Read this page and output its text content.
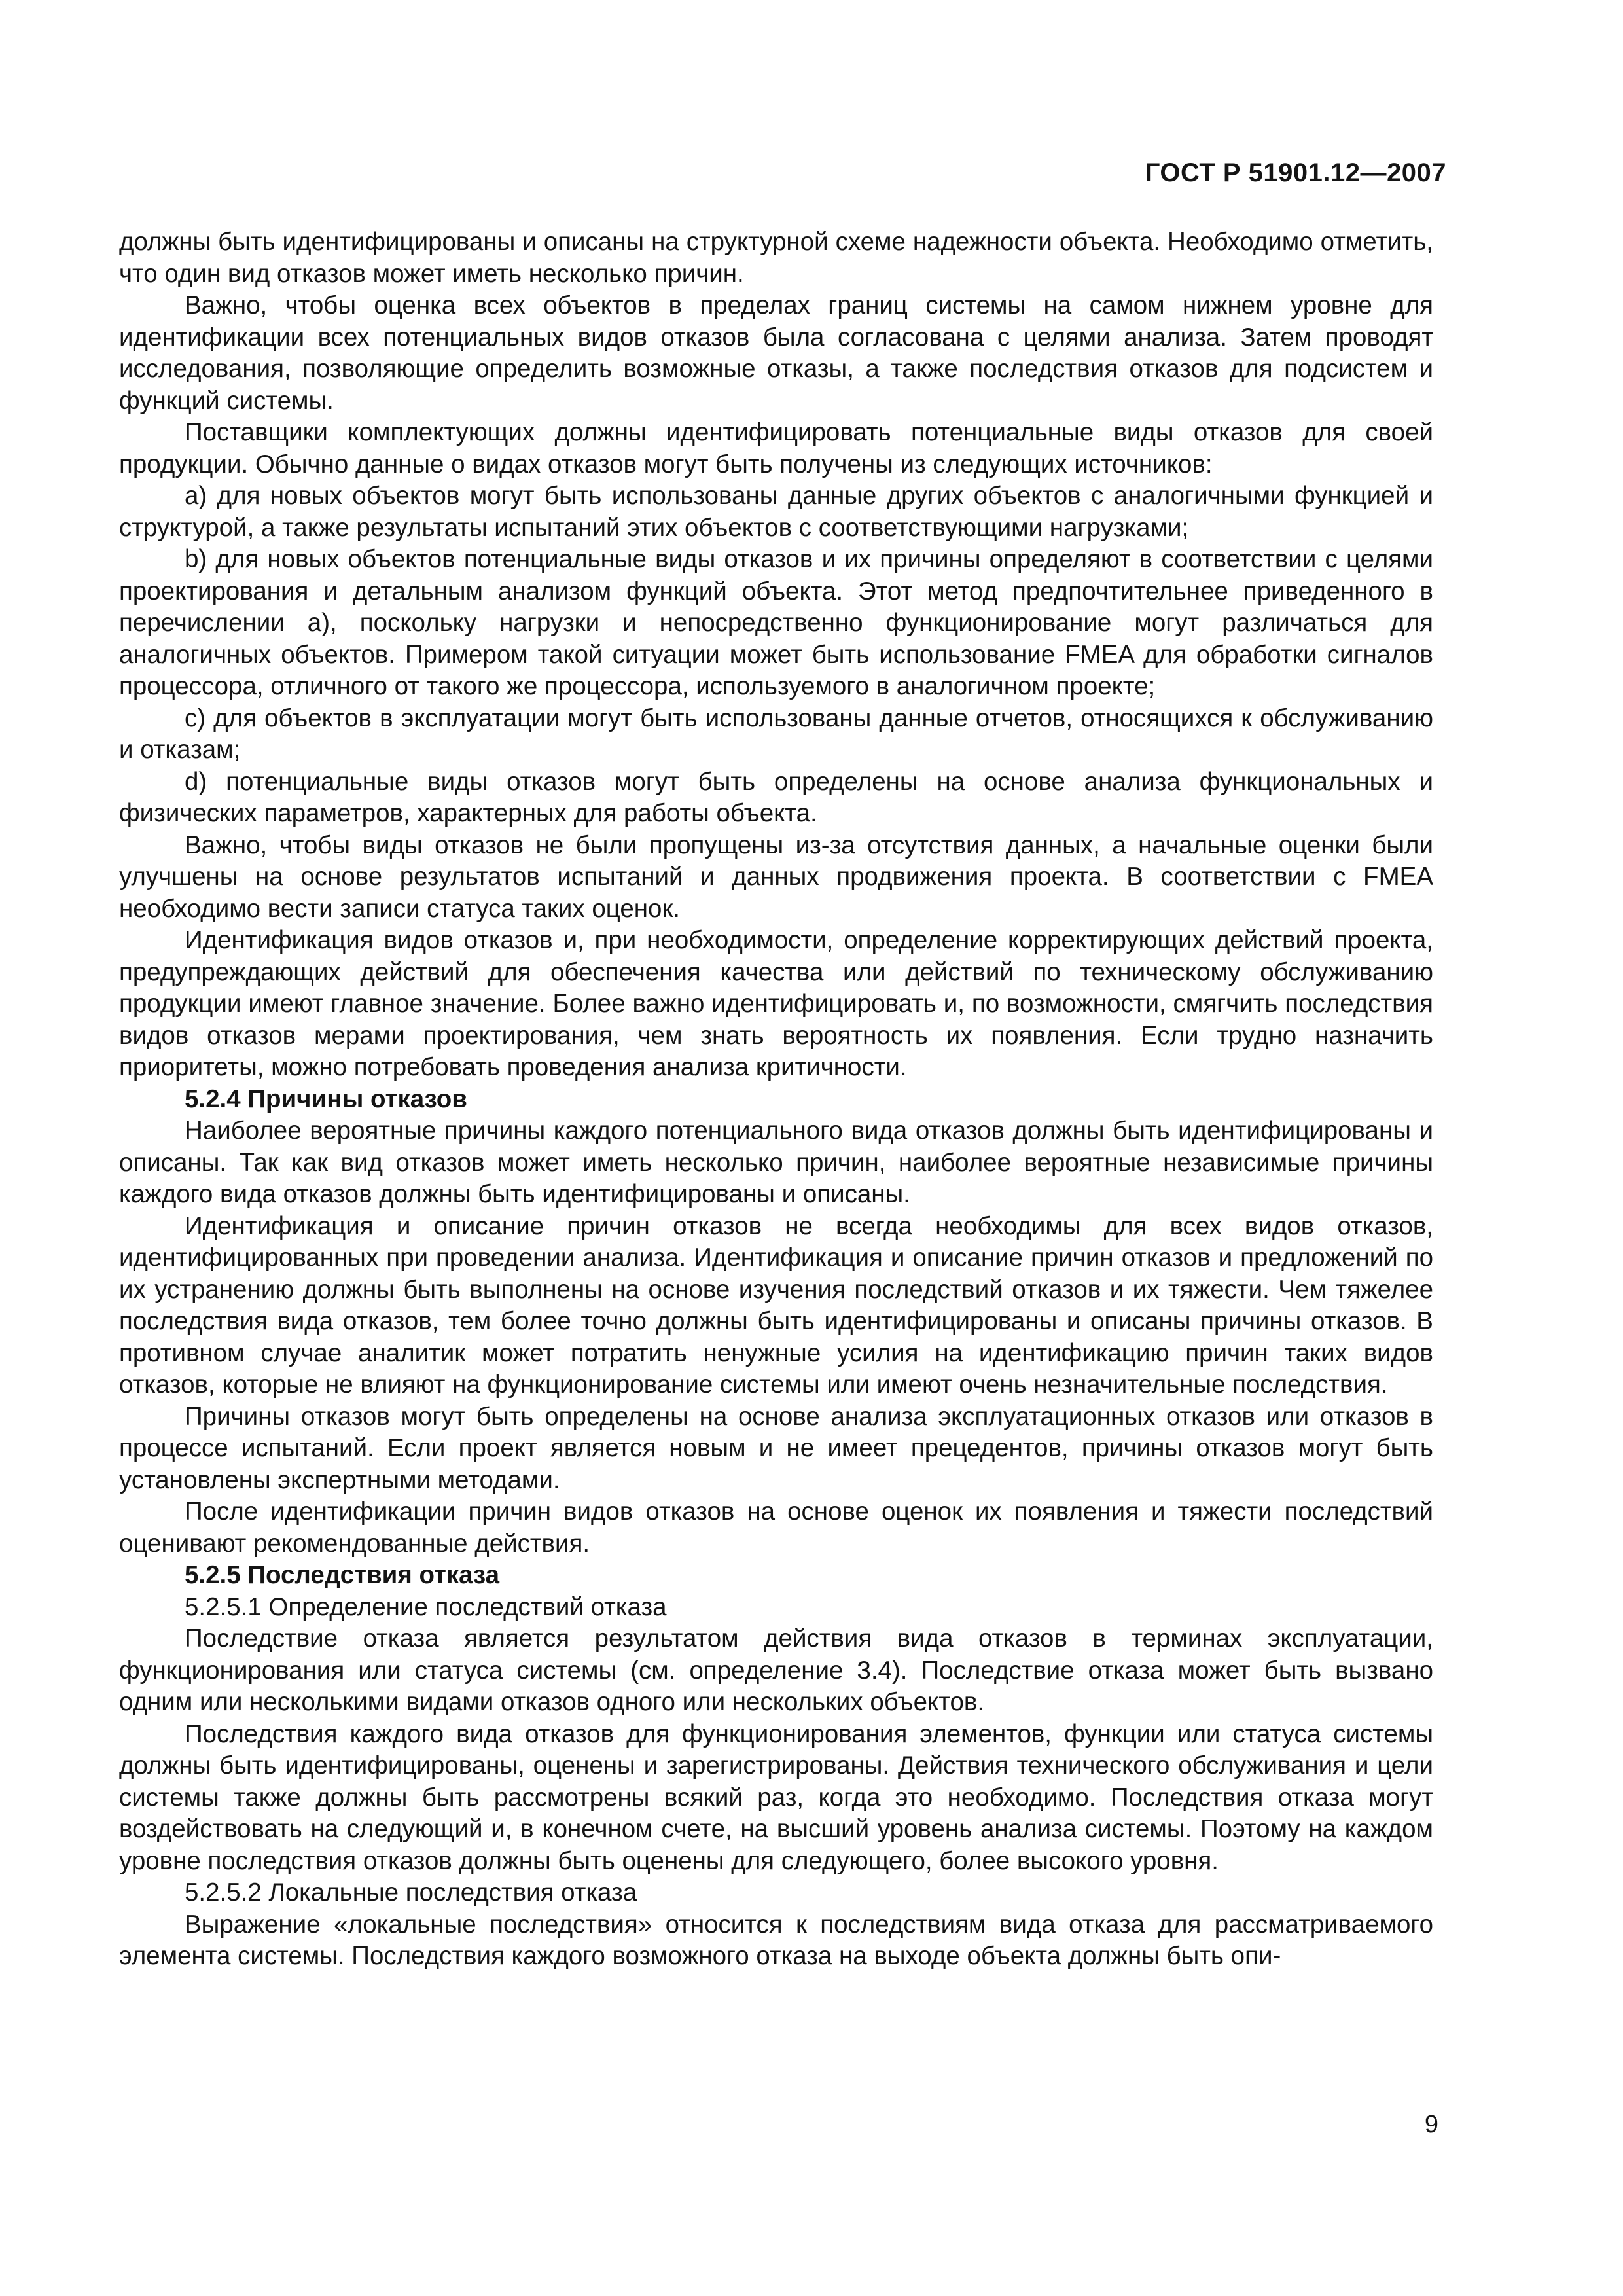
ГОСТ Р 51901.12—2007

должны быть идентифицированы и описаны на структурной схеме надежности объекта. Необходимо отметить, что один вид отказов может иметь несколько причин.

Важно, чтобы оценка всех объектов в пределах границ системы на самом нижнем уровне для идентификации всех потенциальных видов отказов была согласована с целями анализа. Затем проводят исследования, позволяющие определить возможные отказы, а также последствия отказов для подсистем и функций системы.

Поставщики комплектующих должны идентифицировать потенциальные виды отказов для своей продукции. Обычно данные о видах отказов могут быть получены из следующих источников:

a) для новых объектов могут быть использованы данные других объектов с аналогичными функцией и структурой, а также результаты испытаний этих объектов с соответствующими нагрузками;

b) для новых объектов потенциальные виды отказов и их причины определяют в соответствии с целями проектирования и детальным анализом функций объекта. Этот метод предпочтительнее приведенного в перечислении а), поскольку нагрузки и непосредственно функционирование могут различаться для аналогичных объектов. Примером такой ситуации может быть использование FMEA для обработки сигналов процессора, отличного от такого же процессора, используемого в аналогичном проекте;

c) для объектов в эксплуатации могут быть использованы данные отчетов, относящихся к обслуживанию и отказам;

d) потенциальные виды отказов могут быть определены на основе анализа функциональных и физических параметров, характерных для работы объекта.

Важно, чтобы виды отказов не были пропущены из-за отсутствия данных, а начальные оценки были улучшены на основе результатов испытаний и данных продвижения проекта. В соответствии с FMEA необходимо вести записи статуса таких оценок.

Идентификация видов отказов и, при необходимости, определение корректирующих действий проекта, предупреждающих действий для обеспечения качества или действий по техническому обслуживанию продукции имеют главное значение. Более важно идентифицировать и, по возможности, смягчить последствия видов отказов мерами проектирования, чем знать вероятность их появления. Если трудно назначить приоритеты, можно потребовать проведения анализа критичности.

5.2.4 Причины отказов

Наиболее вероятные причины каждого потенциального вида отказов должны быть идентифицированы и описаны. Так как вид отказов может иметь несколько причин, наиболее вероятные независимые причины каждого вида отказов должны быть идентифицированы и описаны.

Идентификация и описание причин отказов не всегда необходимы для всех видов отказов, идентифицированных при проведении анализа. Идентификация и описание причин отказов и предложений по их устранению должны быть выполнены на основе изучения последствий отказов и их тяжести. Чем тяжелее последствия вида отказов, тем более точно должны быть идентифицированы и описаны причины отказов. В противном случае аналитик может потратить ненужные усилия на идентификацию причин таких видов отказов, которые не влияют на функционирование системы или имеют очень незначительные последствия.

Причины отказов могут быть определены на основе анализа эксплуатационных отказов или отказов в процессе испытаний. Если проект является новым и не имеет прецедентов, причины отказов могут быть установлены экспертными методами.

После идентификации причин видов отказов на основе оценок их появления и тяжести последствий оценивают рекомендованные действия.

5.2.5 Последствия отказа

5.2.5.1 Определение последствий отказа

Последствие отказа является результатом действия вида отказов в терминах эксплуатации, функционирования или статуса системы (см. определение 3.4). Последствие отказа может быть вызвано одним или несколькими видами отказов одного или нескольких объектов.

Последствия каждого вида отказов для функционирования элементов, функции или статуса системы должны быть идентифицированы, оценены и зарегистрированы. Действия технического обслуживания и цели системы также должны быть рассмотрены всякий раз, когда это необходимо. Последствия отказа могут воздействовать на следующий и, в конечном счете, на высший уровень анализа системы. Поэтому на каждом уровне последствия отказов должны быть оценены для следующего, более высокого уровня.

5.2.5.2 Локальные последствия отказа

Выражение «локальные последствия» относится к последствиям вида отказа для рассматриваемого элемента системы. Последствия каждого возможного отказа на выходе объекта должны быть опи-

9
